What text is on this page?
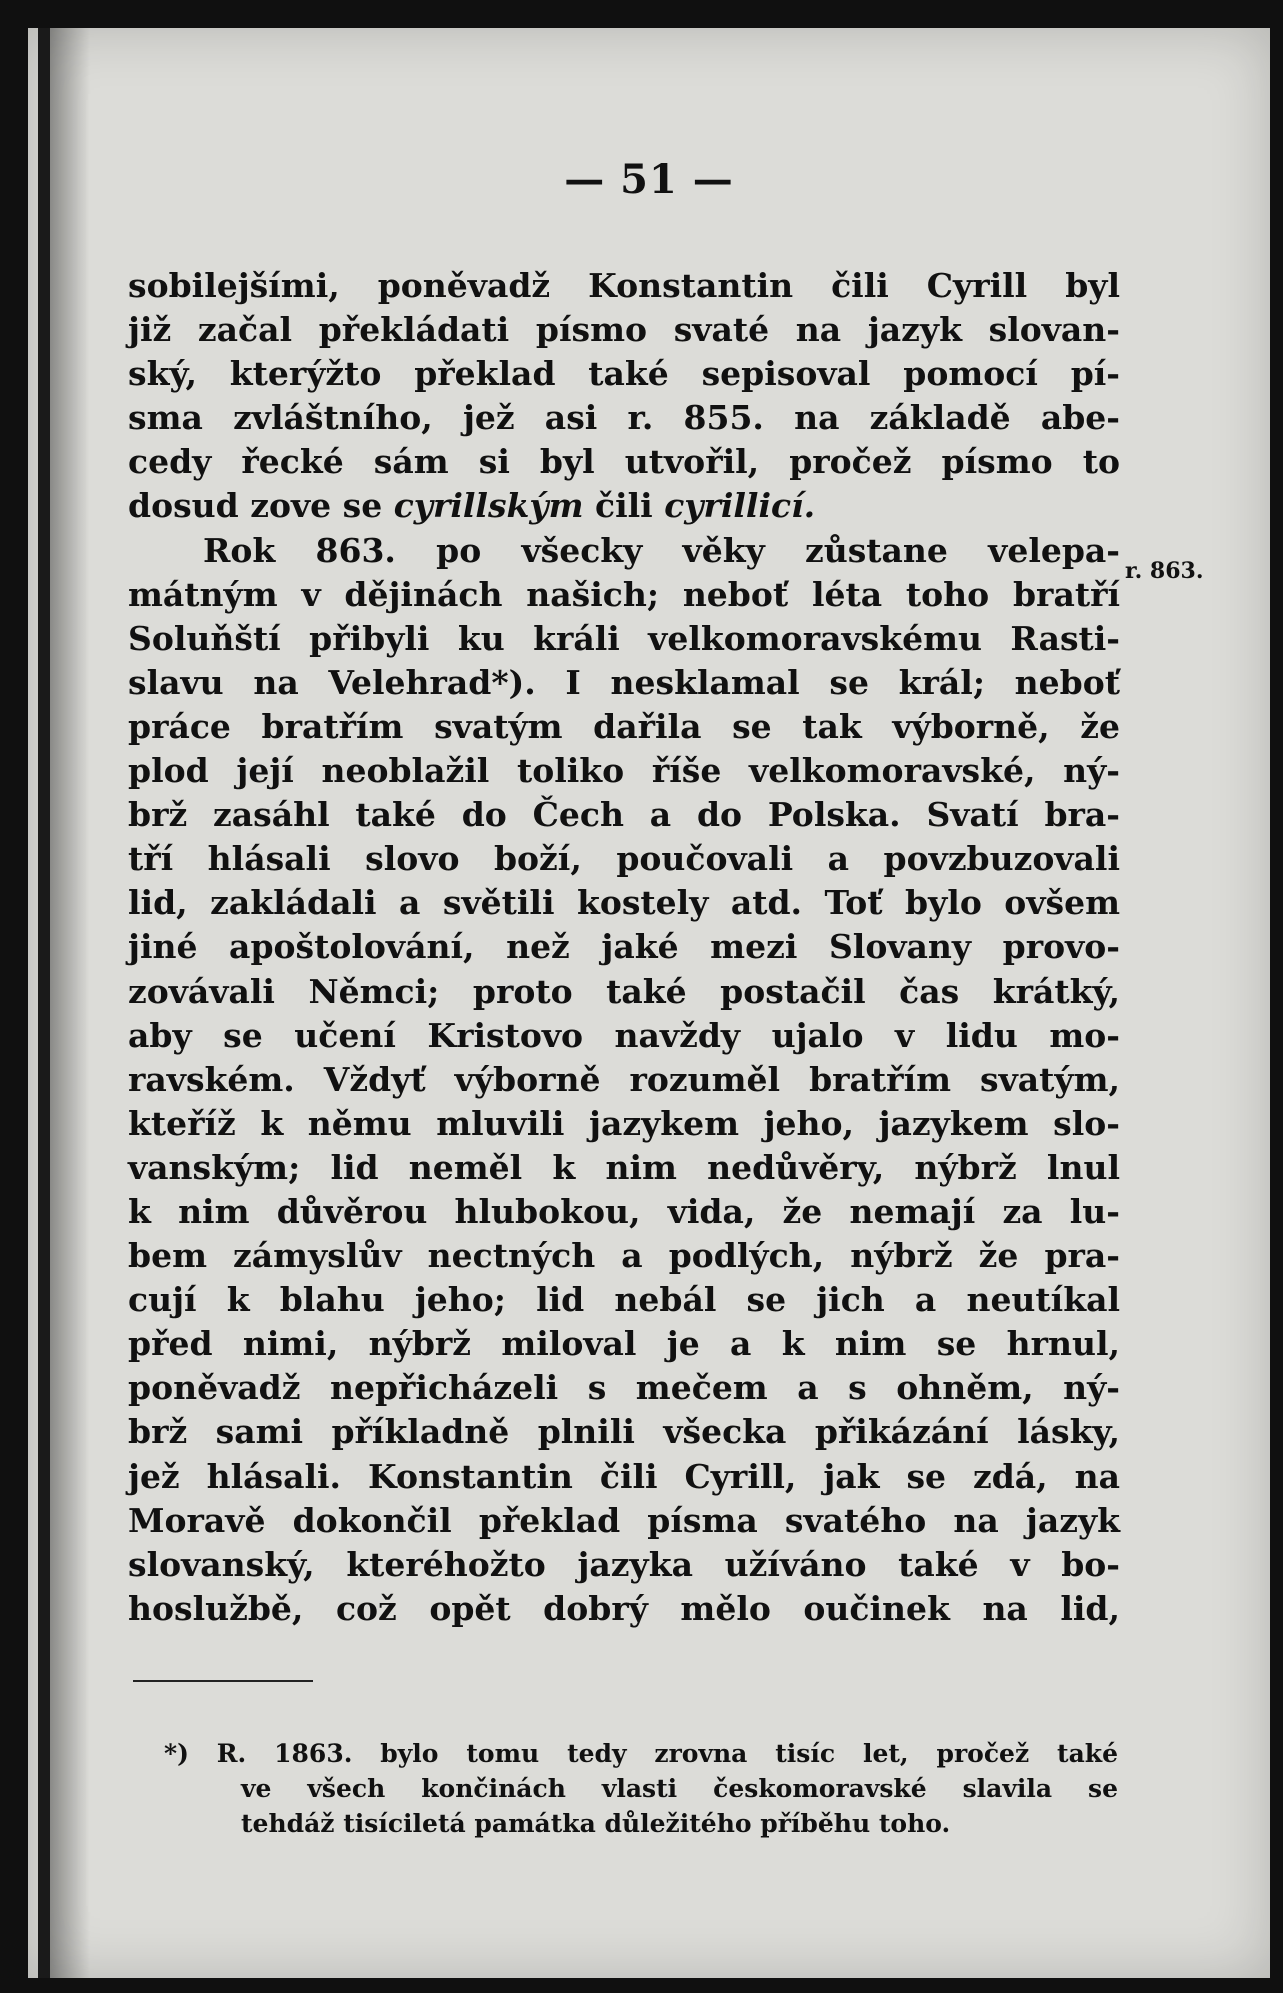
— 51 —
r. 863.
sobilejšími, poněvadž Konstantin čili Cyrill byl
již začal překládati písmo svaté na jazyk slovan-
ský, kterýžto překlad také sepisoval pomocí pí-
sma zvláštního, jež asi r. 855. na základě abe-
cedy řecké sám si byl utvořil, pročež písmo to
dosud zove se cyrillským čili cyrillicí.
Rok 863. po všecky věky zůstane velepa-
mátným v dějinách našich; neboť léta toho bratří
Soluňští přibyli ku králi velkomoravskému Rasti-
slavu na Velehrad*). I nesklamal se král; neboť
práce bratřím svatým dařila se tak výborně, že
plod její neoblažil toliko říše velkomoravské, ný-
brž zasáhl také do Čech a do Polska. Svatí bra-
tří hlásali slovo boží, poučovali a povzbuzovali
lid, zakládali a světili kostely atd. Toť bylo ovšem
jiné apoštolování, než jaké mezi Slovany provo-
zovávali Němci; proto také postačil čas krátký,
aby se učení Kristovo navždy ujalo v lidu mo-
ravském. Vždyť výborně rozuměl bratřím svatým,
kteříž k němu mluvili jazykem jeho, jazykem slo-
vanským; lid neměl k nim nedůvěry, nýbrž lnul
k nim důvěrou hlubokou, vida, že nemají za lu-
bem zámyslův nectných a podlých, nýbrž že pra-
cují k blahu jeho; lid nebál se jich a neutíkal
před nimi, nýbrž miloval je a k nim se hrnul,
poněvadž nepřicházeli s mečem a s ohněm, ný-
brž sami příkladně plnili všecka přikázání lásky,
jež hlásali. Konstantin čili Cyrill, jak se zdá, na
Moravě dokončil překlad písma svatého na jazyk
slovanský, kteréhožto jazyka užíváno také v bo-
hoslužbě, což opět dobrý mělo oučinek na lid,
*) R. 1863. bylo tomu tedy zrovna tisíc let, pročež také
ve všech končinách vlasti českomoravské slavila se
tehdáž tisíciletá památka důležitého příběhu toho.
